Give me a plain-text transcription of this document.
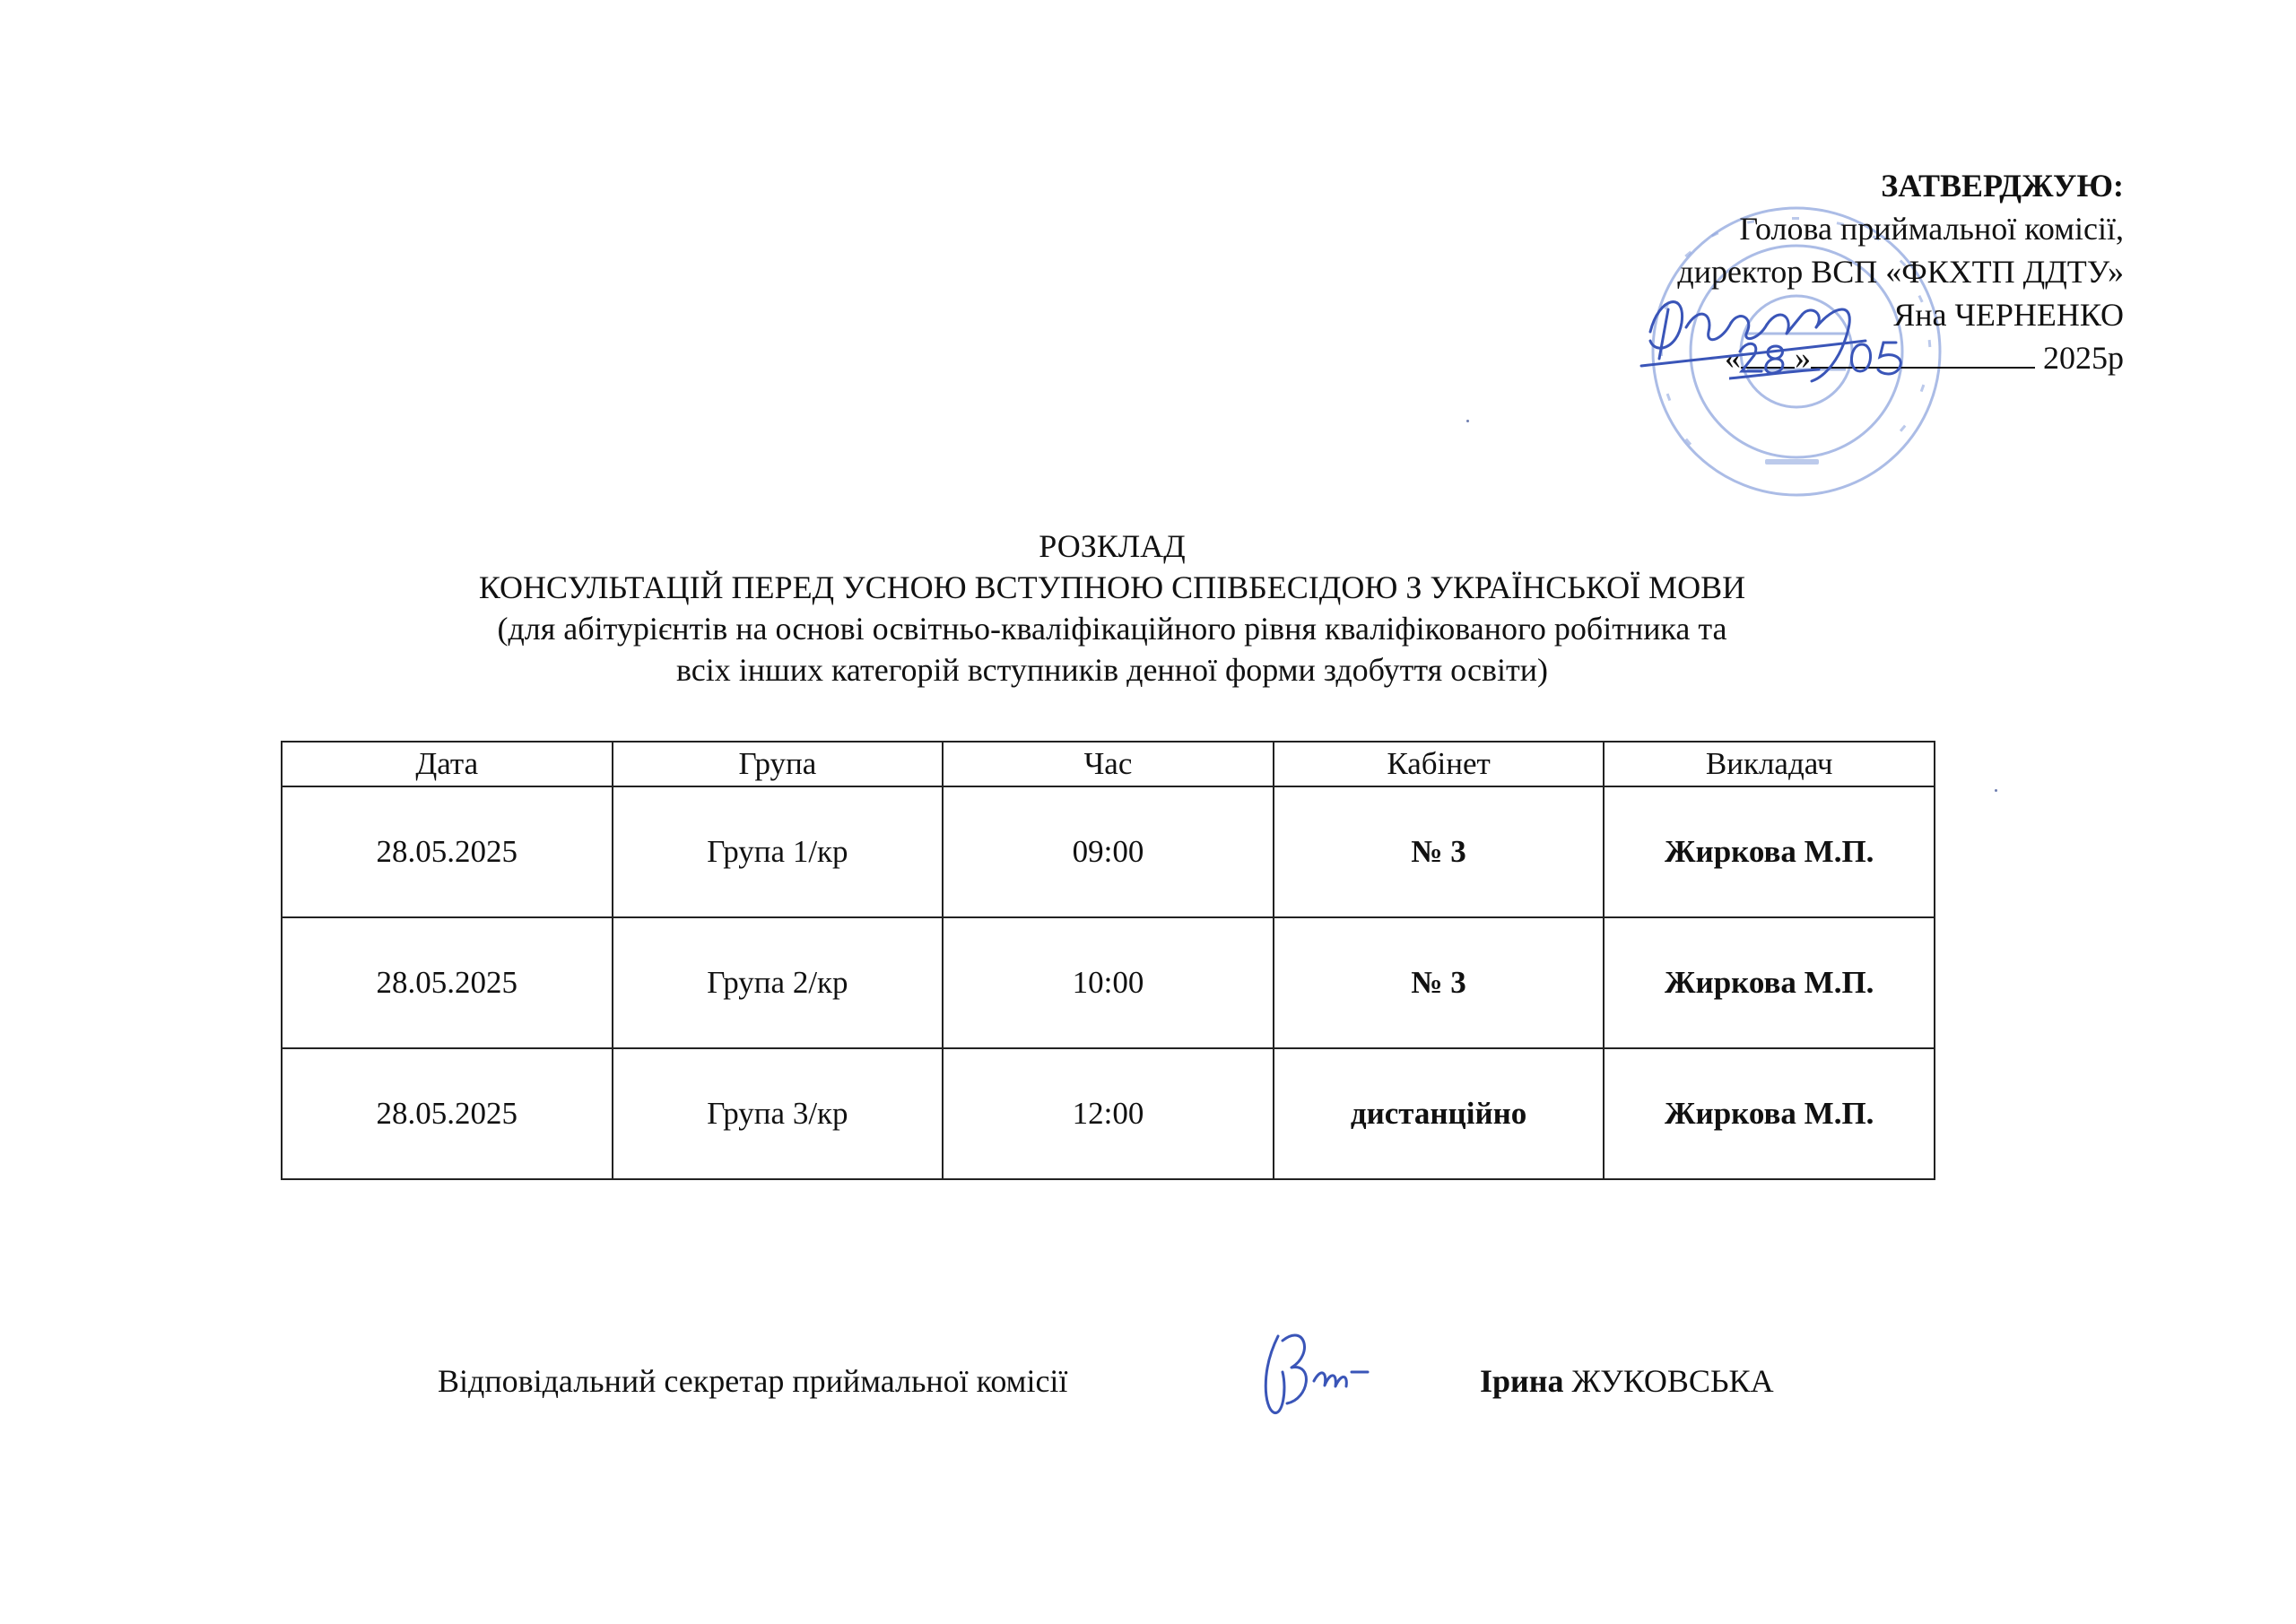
ЗАТВЕРДЖУЮ:
Голова приймальної комісії,
директор ВСП «ФКХТП ДДТУ»
Яна ЧЕРНЕНКО
« »	2025р
РОЗКЛАД
КОНСУЛЬТАЦІЙ ПЕРЕД УСНОЮ ВСТУПНОЮ СПІВБЕСІДОЮ З УКРАЇНСЬКОЇ МОВИ
(для абітурієнтів на основі освітньо-кваліфікаційного рівня кваліфікованого робітника та
всіх інших категорій вступників денної форми здобуття освіти)
Дата	Група	Час	Кабінет	Викладач
28.05.2025	Група 1/кр	09:00	№ 3	Жиркова М.П.
28.05.2025	Група 2/кр	10:00	№ 3	Жиркова М.П.
28.05.2025	Група 3/кр	12:00	дистанційно	Жиркова М.П.
Відповідальний секретар приймальної комісії	Ірина ЖУКОВСЬКА
